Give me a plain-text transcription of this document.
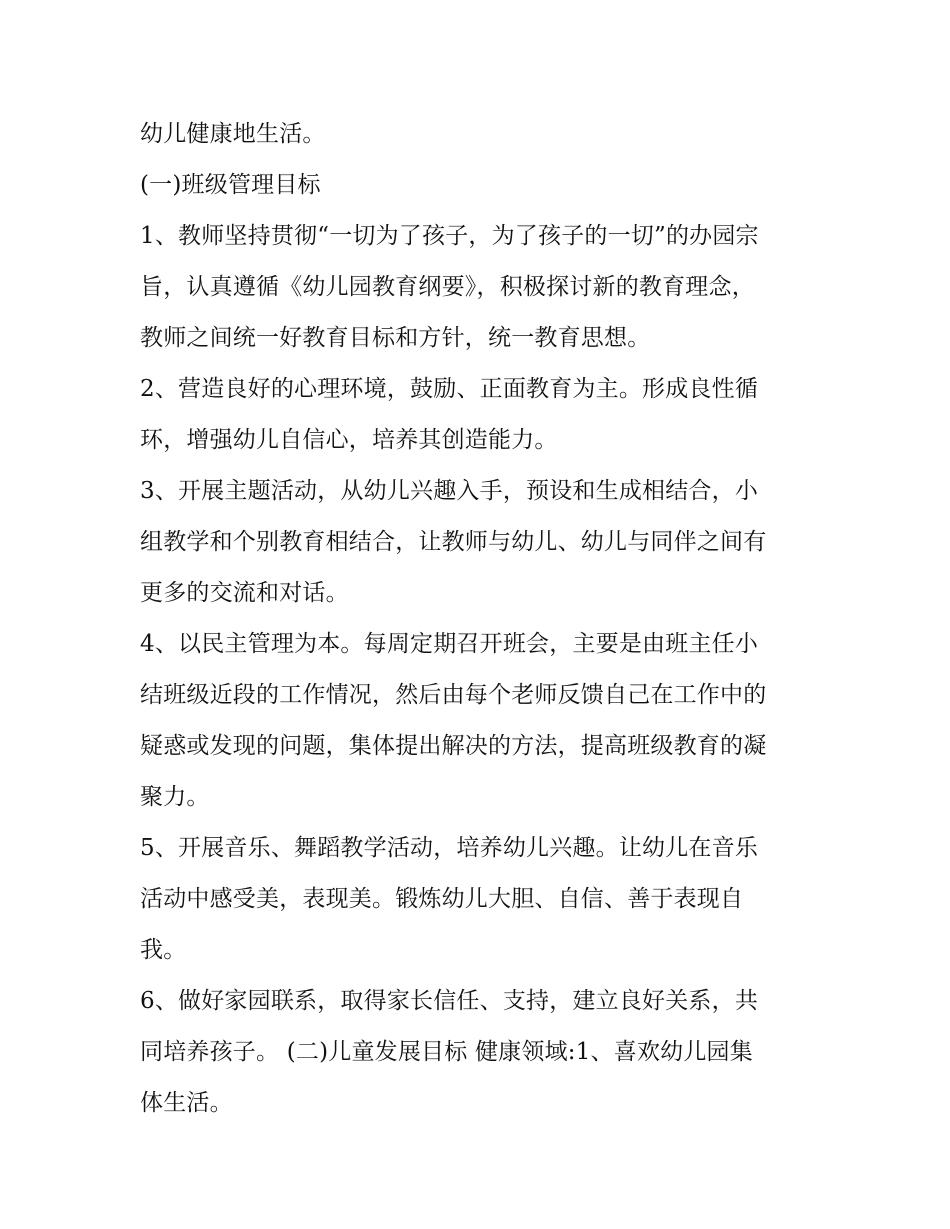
幼儿健康地生活。
(一)班级管理目标
1、教师坚持贯彻“一切为了孩子，为了孩子的一切”的办园宗
旨，认真遵循《幼儿园教育纲要》，积极探讨新的教育理念，
教师之间统一好教育目标和方针，统一教育思想。
2、营造良好的心理环境，鼓励、正面教育为主。形成良性循
环，增强幼儿自信心，培养其创造能力。
3、开展主题活动，从幼儿兴趣入手，预设和生成相结合，小
组教学和个别教育相结合，让教师与幼儿、幼儿与同伴之间有
更多的交流和对话。
4、以民主管理为本。每周定期召开班会，主要是由班主任小
结班级近段的工作情况，然后由每个老师反馈自己在工作中的
疑惑或发现的问题，集体提出解决的方法，提高班级教育的凝
聚力。
5、开展音乐、舞蹈教学活动，培养幼儿兴趣。让幼儿在音乐
活动中感受美，表现美。锻炼幼儿大胆、自信、善于表现自
我。
6、做好家园联系，取得家长信任、支持，建立良好关系，共
同培养孩子。 (二)儿童发展目标 健康领域:1、喜欢幼儿园集
体生活。
